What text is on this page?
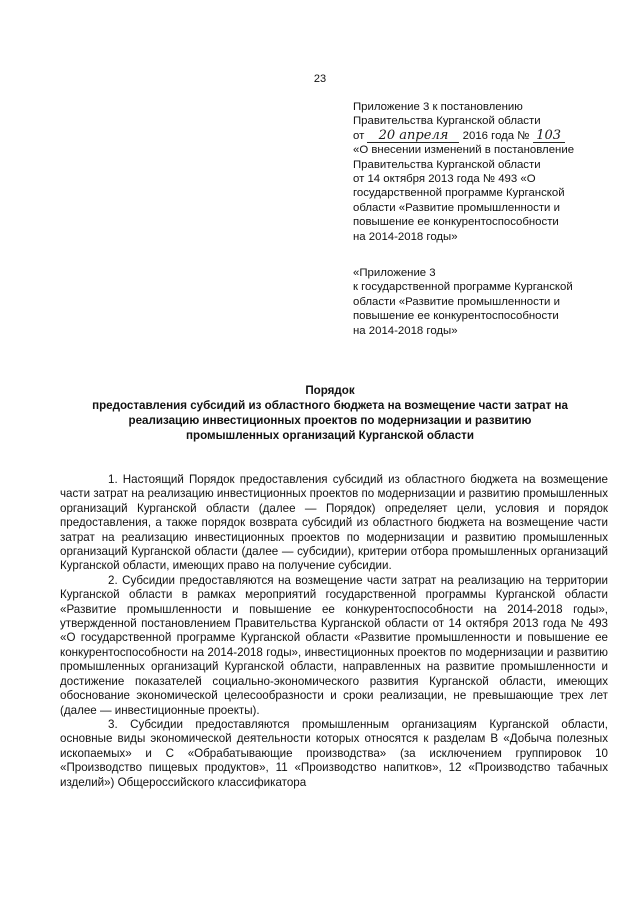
23
Приложение 3 к постановлению
Правительства Курганской области
от 20 апреля 2016 года № 103
«О внесении изменений в постановление
Правительства Курганской области
от 14 октября 2013 года № 493 «О
государственной программе Курганской
области «Развитие промышленности и
повышение ее конкурентоспособности
на 2014-2018 годы»
«Приложение 3
к государственной программе Курганской
области «Развитие промышленности и
повышение ее конкурентоспособности
на 2014-2018 годы»
Порядок
предоставления субсидий из областного бюджета на возмещение части затрат на
реализацию инвестиционных проектов по модернизации и развитию
промышленных организаций Курганской области

1. Настоящий Порядок предоставления субсидий из областного бюджета на возмещение части затрат на реализацию инвестиционных проектов по модернизации и развитию промышленных организаций Курганской области (далее — Порядок) определяет цели, условия и порядок предоставления, а также порядок возврата субсидий из областного бюджета на возмещение части затрат на реализацию инвестиционных проектов по модернизации и развитию промышленных организаций Курганской области (далее — субсидии), критерии отбора промышленных организаций Курганской области, имеющих право на получение субсидии.

2. Субсидии предоставляются на возмещение части затрат на реализацию на территории Курганской области в рамках мероприятий государственной программы Курганской области «Развитие промышленности и повышение ее конкурентоспособности на 2014-2018 годы», утвержденной постановлением Правительства Курганской области от 14 октября 2013 года № 493 «О государственной программе Курганской области «Развитие промышленности и повышение ее конкурентоспособности на 2014-2018 годы», инвестиционных проектов по модернизации и развитию промышленных организаций Курганской области, направленных на развитие промышленности и достижение показателей социально-экономического развития Курганской области, имеющих обоснование экономической целесообразности и сроки реализации, не превышающие трех лет (далее — инвестиционные проекты).

3. Субсидии предоставляются промышленным организациям Курганской области, основные виды экономической деятельности которых относятся к разделам В «Добыча полезных ископаемых» и С «Обрабатывающие производства» (за исключением группировок 10 «Производство пищевых продуктов», 11 «Производство напитков», 12 «Производство табачных изделий») Общероссийского классификатора
